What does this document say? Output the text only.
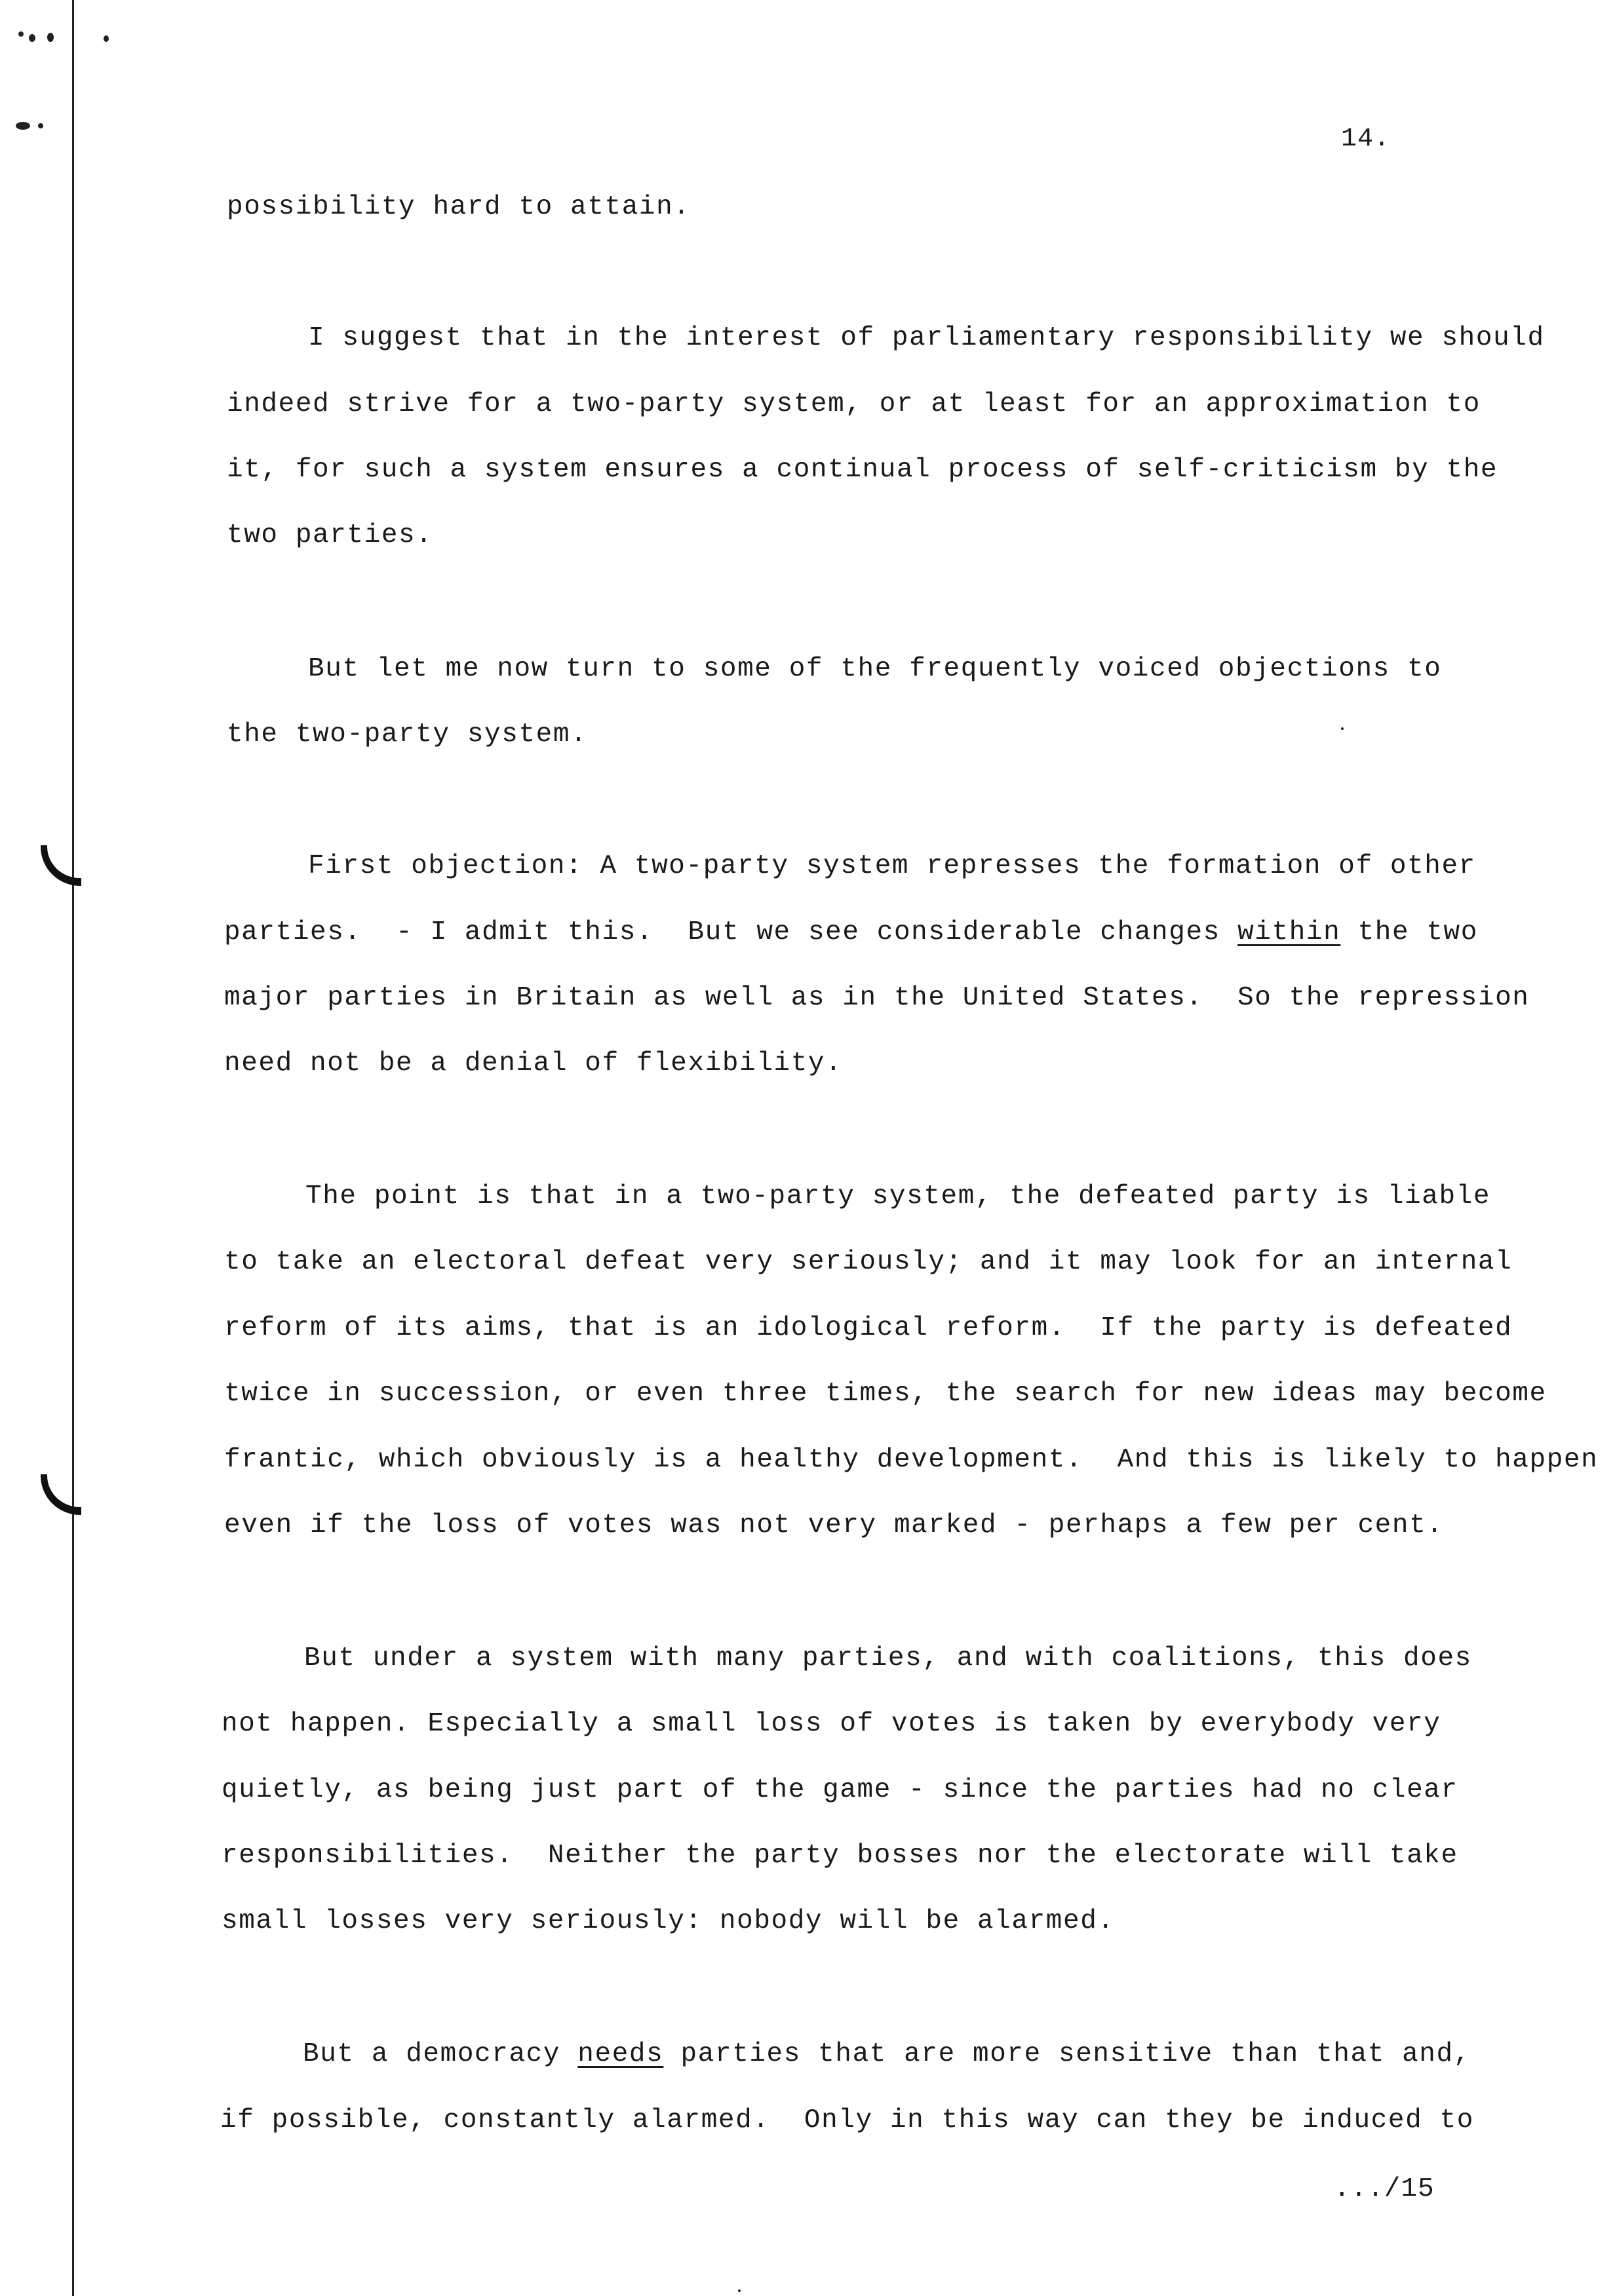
14.
possibility hard to attain.
I suggest that in the interest of parliamentary responsibility we should
indeed strive for a two-party system, or at least for an approximation to
it, for such a system ensures a continual process of self-criticism by the
two parties.
But let me now turn to some of the frequently voiced objections to
the two-party system.
First objection: A two-party system represses the formation of other
parties. - I admit this.  But we see considerable changes within the two
major parties in Britain as well as in the United States.  So the repression
need not be a denial of flexibility.
The point is that in a two-party system, the defeated party is liable
to take an electoral defeat very seriously; and it may look for an internal
reform of its aims, that is an idological reform.  If the party is defeated
twice in succession, or even three times, the search for new ideas may become
frantic, which obviously is a healthy development.  And this is likely to happen
even if the loss of votes was not very marked - perhaps a few per cent.
But under a system with many parties, and with coalitions, this does
not happen. Especially a small loss of votes is taken by everybody very
quietly, as being just part of the game - since the parties had no clear
responsibilities.  Neither the party bosses nor the electorate will take
small losses very seriously: nobody will be alarmed.
But a democracy needs parties that are more sensitive than that and,
if possible, constantly alarmed.  Only in this way can they be induced to
.../15
